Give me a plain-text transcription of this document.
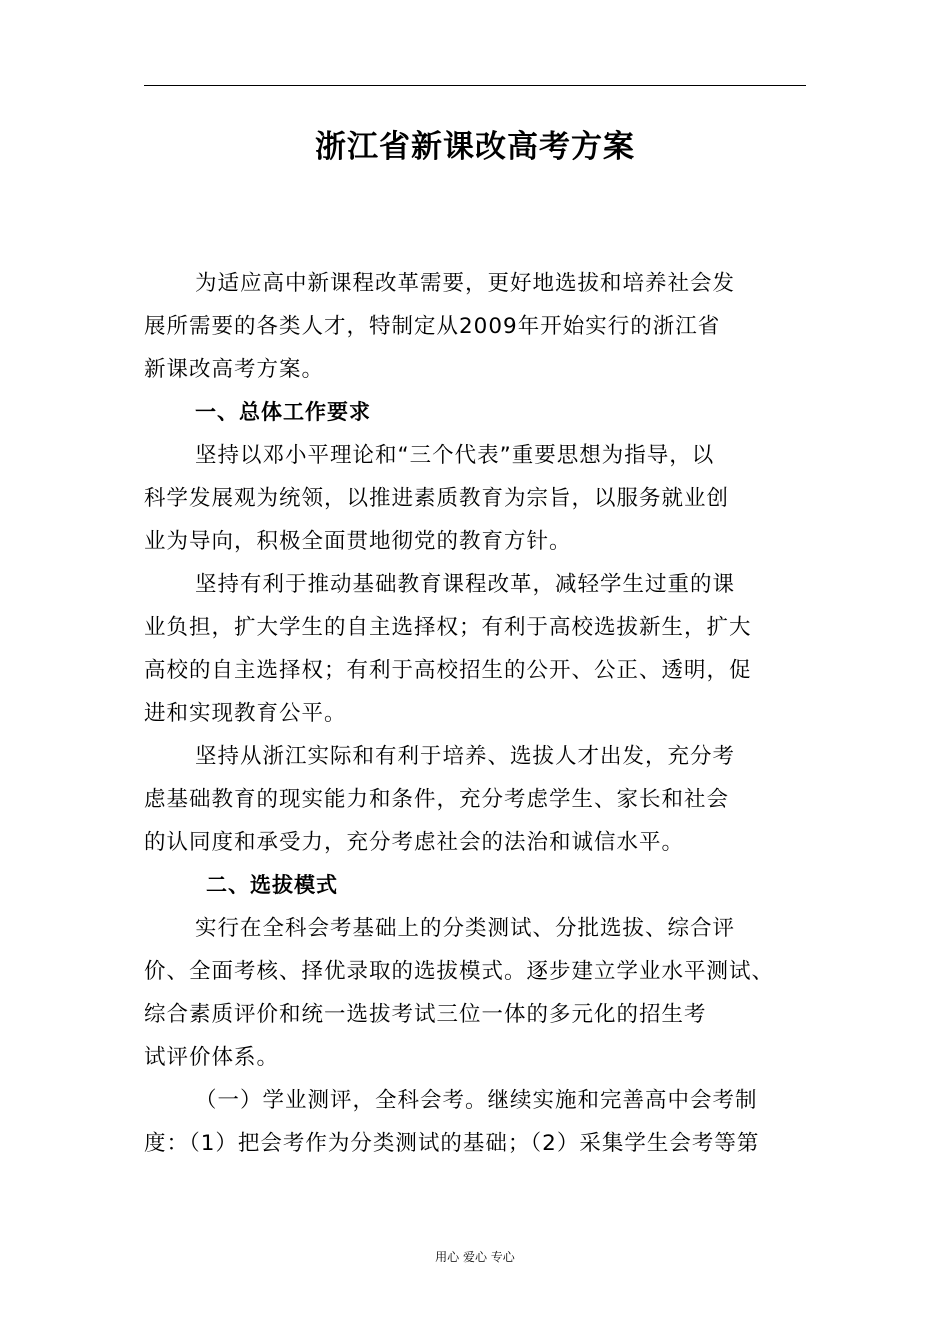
浙江省新课改高考方案

为适应高中新课程改革需要，更好地选拔和培养社会发
展所需要的各类人才，特制定从2009年开始实行的浙江省
新课改高考方案。

一、总体工作要求

坚持以邓小平理论和“三个代表”重要思想为指导，以
科学发展观为统领，以推进素质教育为宗旨，以服务就业创
业为导向，积极全面贯地彻党的教育方针。

坚持有利于推动基础教育课程改革，减轻学生过重的课
业负担，扩大学生的自主选择权；有利于高校选拔新生，扩大
高校的自主选择权；有利于高校招生的公开、公正、透明，促
进和实现教育公平。

坚持从浙江实际和有利于培养、选拔人才出发，充分考
虑基础教育的现实能力和条件，充分考虑学生、家长和社会
的认同度和承受力，充分考虑社会的法治和诚信水平。

二、选拔模式

实行在全科会考基础上的分类测试、分批选拔、综合评
价、全面考核、择优录取的选拔模式。逐步建立学业水平测试、
综合素质评价和统一选拔考试三位一体的多元化的招生考
试评价体系。

（一）学业测评，全科会考。继续实施和完善高中会考制
度：（1）把会考作为分类测试的基础；（2）采集学生会考等第

用心 爱心 专心
